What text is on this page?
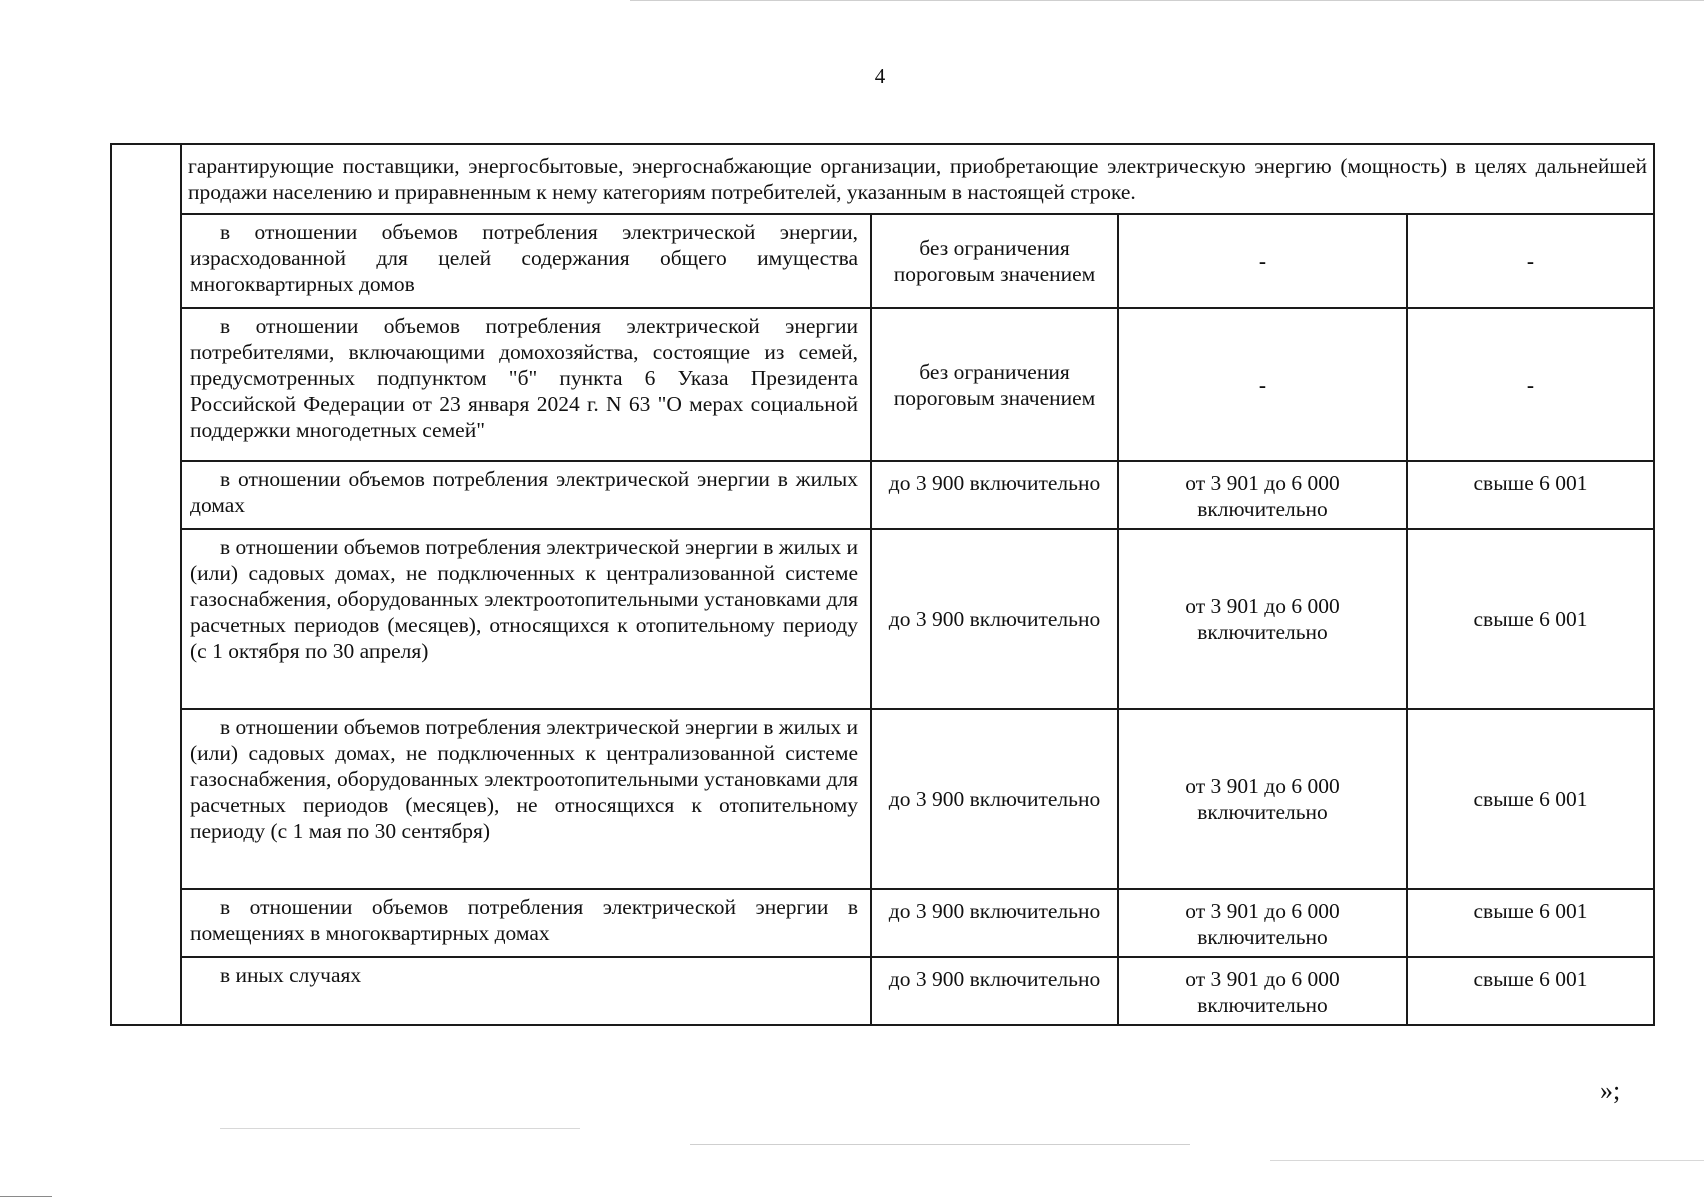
4
	гарантирующие поставщики, энергосбытовые, энергоснабжающие организации, приобретающие электрическую энергию (мощность) в целях дальнейшей продажи населению и приравненным к нему категориям потребителей, указанным в настоящей строке.			
	в отношении объемов потребления электрической энергии, израсходованной для целей содержания общего имущества многоквартирных домов	без ограничения пороговым значением	-	-
	в отношении объемов потребления электрической энергии потребителями, включающими домохозяйства, состоящие из семей, предусмотренных подпунктом "б" пункта 6 Указа Президента Российской Федерации от 23 января 2024 г. N 63 "О мерах социальной поддержки многодетных семей"	без ограничения пороговым значением	-	-
	в отношении объемов потребления электрической энергии в жилых домах	до 3 900 включительно	от 3 901 до 6 000 включительно	свыше 6 001
	в отношении объемов потребления электрической энергии в жилых и (или) садовых домах, не подключенных к централизованной системе газоснабжения, оборудованных электроотопительными установками для расчетных периодов (месяцев), относящихся к отопительному периоду (с 1 октября по 30 апреля)	до 3 900 включительно	от 3 901 до 6 000 включительно	свыше 6 001
	в отношении объемов потребления электрической энергии в жилых и (или) садовых домах, не подключенных к централизованной системе газоснабжения, оборудованных электроотопительными установками для расчетных периодов (месяцев), не относящихся к отопительному периоду (с 1 мая по 30 сентября)	до 3 900 включительно	от 3 901 до 6 000 включительно	свыше 6 001
	в отношении объемов потребления электрической энергии в помещениях в многоквартирных домах	до 3 900 включительно	от 3 901 до 6 000 включительно	свыше 6 001
	в иных случаях	до 3 900 включительно	от 3 901 до 6 000 включительно	свыше 6 001
»;
